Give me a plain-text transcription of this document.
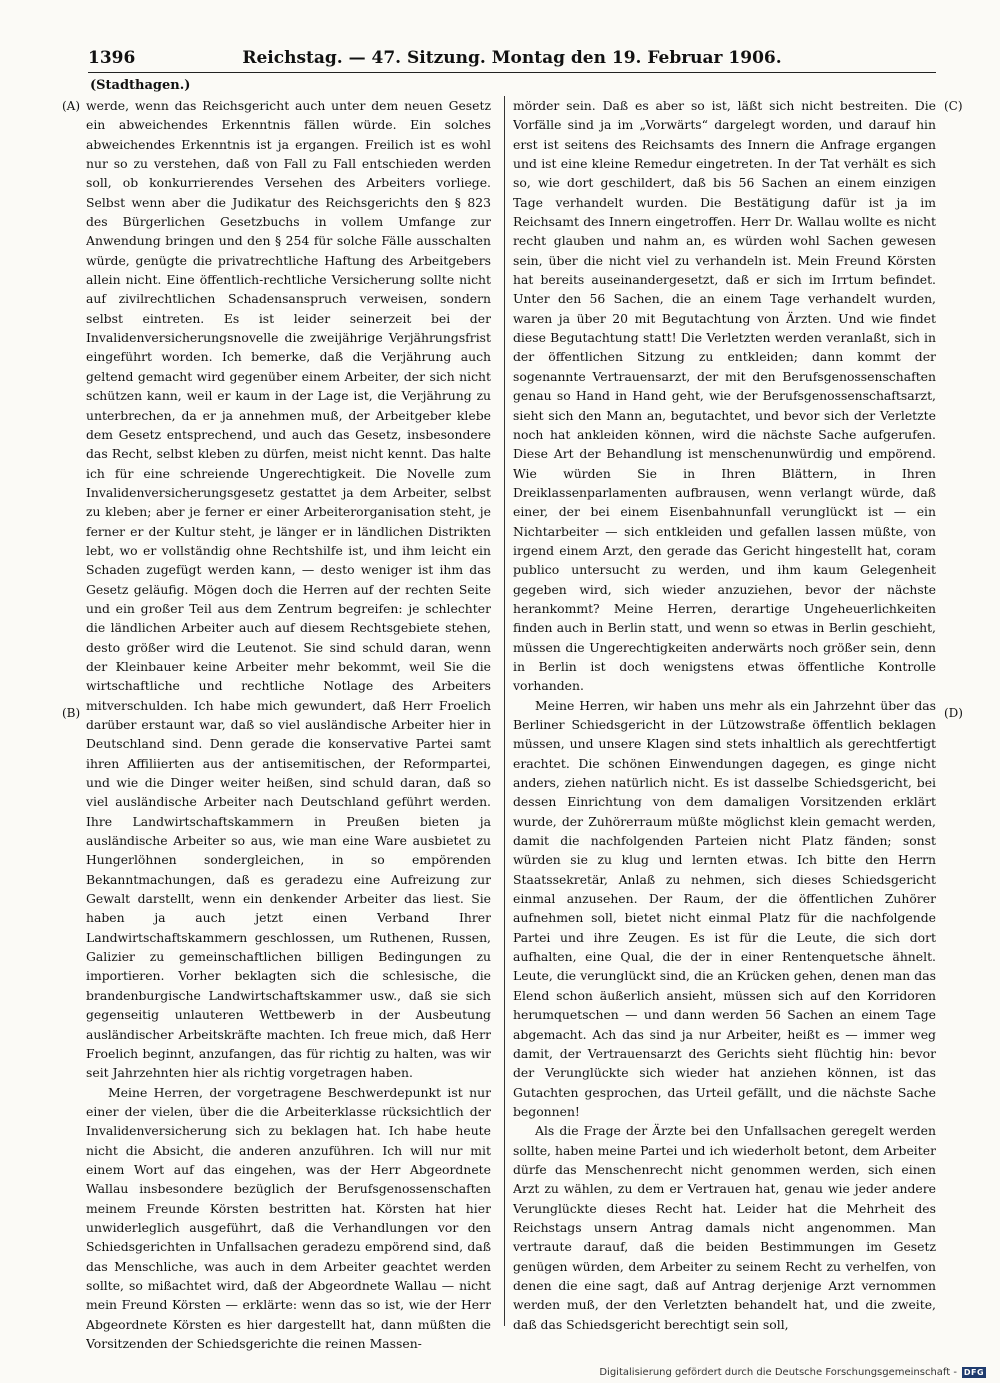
1396	Reichstag. — 47. Sitzung. Montag den 19. Februar 1906.
(Stadthagen.)
(A)
(B)
(C)
(D)

werde, wenn das Reichsgericht auch unter dem neuen Gesetz ein abweichendes Erkenntnis fällen würde. Ein solches abweichendes Erkenntnis ist ja ergangen. Freilich ist es wohl nur so zu verstehen, daß von Fall zu Fall entschieden werden soll, ob konkurrierendes Versehen des Arbeiters vorliege. Selbst wenn aber die Judikatur des Reichsgerichts den § 823 des Bürgerlichen Gesetzbuchs in vollem Umfange zur Anwendung bringen und den § 254 für solche Fälle ausschalten würde, genügte die privatrechtliche Haftung des Arbeitgebers allein nicht. Eine öffentlich-rechtliche Versicherung sollte nicht auf zivilrechtlichen Schadensanspruch verweisen, sondern selbst eintreten. Es ist leider seinerzeit bei der Invalidenversicherungsnovelle die zweijährige Verjährungsfrist eingeführt worden. Ich bemerke, daß die Verjährung auch geltend gemacht wird gegenüber einem Arbeiter, der sich nicht schützen kann, weil er kaum in der Lage ist, die Verjährung zu unterbrechen, da er ja annehmen muß, der Arbeitgeber klebe dem Gesetz entsprechend, und auch das Gesetz, insbesondere das Recht, selbst kleben zu dürfen, meist nicht kennt. Das halte ich für eine schreiende Ungerechtigkeit. Die Novelle zum Invalidenversicherungsgesetz gestattet ja dem Arbeiter, selbst zu kleben; aber je ferner er einer Arbeiterorganisation steht, je ferner er der Kultur steht, je länger er in ländlichen Distrikten lebt, wo er vollständig ohne Rechtshilfe ist, und ihm leicht ein Schaden zugefügt werden kann, — desto weniger ist ihm das Gesetz geläufig. Mögen doch die Herren auf der rechten Seite und ein großer Teil aus dem Zentrum begreifen: je schlechter die ländlichen Arbeiter auch auf diesem Rechtsgebiete stehen, desto größer wird die Leutenot. Sie sind schuld daran, wenn der Kleinbauer keine Arbeiter mehr bekommt, weil Sie die wirtschaftliche und rechtliche Notlage des Arbeiters mitverschulden. Ich habe mich gewundert, daß Herr Froelich darüber erstaunt war, daß so viel ausländische Arbeiter hier in Deutschland sind. Denn gerade die konservative Partei samt ihren Affiliierten aus der antisemitischen, der Reformpartei, und wie die Dinger weiter heißen, sind schuld daran, daß so viel ausländische Arbeiter nach Deutschland geführt werden. Ihre Landwirtschaftskammern in Preußen bieten ja ausländische Arbeiter so aus, wie man eine Ware ausbietet zu Hungerlöhnen sondergleichen, in so empörenden Bekanntmachungen, daß es geradezu eine Aufreizung zur Gewalt darstellt, wenn ein denkender Arbeiter das liest. Sie haben ja auch jetzt einen Verband Ihrer Landwirtschaftskammern geschlossen, um Ruthenen, Russen, Galizier zu gemeinschaftlichen billigen Bedingungen zu importieren. Vorher beklagten sich die schlesische, die brandenburgische Landwirtschaftskammer usw., daß sie sich gegenseitig unlauteren Wettbewerb in der Ausbeutung ausländischer Arbeitskräfte machten. Ich freue mich, daß Herr Froelich beginnt, anzufangen, das für richtig zu halten, was wir seit Jahrzehnten hier als richtig vorgetragen haben.

Meine Herren, der vorgetragene Beschwerdepunkt ist nur einer der vielen, über die die Arbeiterklasse rücksichtlich der Invalidenversicherung sich zu beklagen hat. Ich habe heute nicht die Absicht, die anderen anzuführen. Ich will nur mit einem Wort auf das eingehen, was der Herr Abgeordnete Wallau insbesondere bezüglich der Berufsgenossenschaften meinem Freunde Körsten bestritten hat. Körsten hat hier unwiderleglich ausgeführt, daß die Verhandlungen vor den Schiedsgerichten in Unfallsachen geradezu empörend sind, daß das Menschliche, was auch in dem Arbeiter geachtet werden sollte, so mißachtet wird, daß der Abgeordnete Wallau — nicht mein Freund Körsten — erklärte: wenn das so ist, wie der Herr Abgeordnete Körsten es hier dargestellt hat, dann müßten die Vorsitzenden der Schiedsgerichte die reinen Massen-

mörder sein. Daß es aber so ist, läßt sich nicht bestreiten. Die Vorfälle sind ja im „Vorwärts“ dargelegt worden, und darauf hin erst ist seitens des Reichsamts des Innern die Anfrage ergangen und ist eine kleine Remedur eingetreten. In der Tat verhält es sich so, wie dort geschildert, daß bis 56 Sachen an einem einzigen Tage verhandelt wurden. Die Bestätigung dafür ist ja im Reichsamt des Innern eingetroffen. Herr Dr. Wallau wollte es nicht recht glauben und nahm an, es würden wohl Sachen gewesen sein, über die nicht viel zu verhandeln ist. Mein Freund Körsten hat bereits auseinandergesetzt, daß er sich im Irrtum befindet. Unter den 56 Sachen, die an einem Tage verhandelt wurden, waren ja über 20 mit Begutachtung von Ärzten. Und wie findet diese Begutachtung statt! Die Verletzten werden veranlaßt, sich in der öffentlichen Sitzung zu entkleiden; dann kommt der sogenannte Vertrauensarzt, der mit den Berufsgenossenschaften genau so Hand in Hand geht, wie der Berufsgenossenschaftsarzt, sieht sich den Mann an, begutachtet, und bevor sich der Verletzte noch hat ankleiden können, wird die nächste Sache aufgerufen. Diese Art der Behandlung ist menschenunwürdig und empörend. Wie würden Sie in Ihren Blättern, in Ihren Dreiklassenparlamenten aufbrausen, wenn verlangt würde, daß einer, der bei einem Eisenbahnunfall verunglückt ist — ein Nichtarbeiter — sich entkleiden und gefallen lassen müßte, von irgend einem Arzt, den gerade das Gericht hingestellt hat, coram publico untersucht zu werden, und ihm kaum Gelegenheit gegeben wird, sich wieder anzuziehen, bevor der nächste herankommt? Meine Herren, derartige Ungeheuerlichkeiten finden auch in Berlin statt, und wenn so etwas in Berlin geschieht, müssen die Ungerechtigkeiten anderwärts noch größer sein, denn in Berlin ist doch wenigstens etwas öffentliche Kontrolle vorhanden.

Meine Herren, wir haben uns mehr als ein Jahrzehnt über das Berliner Schiedsgericht in der Lützowstraße öffentlich beklagen müssen, und unsere Klagen sind stets inhaltlich als gerechtfertigt erachtet. Die schönen Einwendungen dagegen, es ginge nicht anders, ziehen natürlich nicht. Es ist dasselbe Schiedsgericht, bei dessen Einrichtung von dem damaligen Vorsitzenden erklärt wurde, der Zuhörerraum müßte möglichst klein gemacht werden, damit die nachfolgenden Parteien nicht Platz fänden; sonst würden sie zu klug und lernten etwas. Ich bitte den Herrn Staatssekretär, Anlaß zu nehmen, sich dieses Schiedsgericht einmal anzusehen. Der Raum, der die öffentlichen Zuhörer aufnehmen soll, bietet nicht einmal Platz für die nachfolgende Partei und ihre Zeugen. Es ist für die Leute, die sich dort aufhalten, eine Qual, die der in einer Rentenquetsche ähnelt. Leute, die verunglückt sind, die an Krücken gehen, denen man das Elend schon äußerlich ansieht, müssen sich auf den Korridoren herumquetschen — und dann werden 56 Sachen an einem Tage abgemacht. Ach das sind ja nur Arbeiter, heißt es — immer weg damit, der Vertrauensarzt des Gerichts sieht flüchtig hin: bevor der Verunglückte sich wieder hat anziehen können, ist das Gutachten gesprochen, das Urteil gefällt, und die nächste Sache begonnen!

Als die Frage der Ärzte bei den Unfallsachen geregelt werden sollte, haben meine Partei und ich wiederholt betont, dem Arbeiter dürfe das Menschenrecht nicht genommen werden, sich einen Arzt zu wählen, zu dem er Vertrauen hat, genau wie jeder andere Verunglückte dieses Recht hat. Leider hat die Mehrheit des Reichstags unsern Antrag damals nicht angenommen. Man vertraute darauf, daß die beiden Bestimmungen im Gesetz genügen würden, dem Arbeiter zu seinem Recht zu verhelfen, von denen die eine sagt, daß auf Antrag derjenige Arzt vernommen werden muß, der den Verletzten behandelt hat, und die zweite, daß das Schiedsgericht berechtigt sein soll,

Digitalisierung gefördert durch die Deutsche Forschungsgemeinschaft - DFG
